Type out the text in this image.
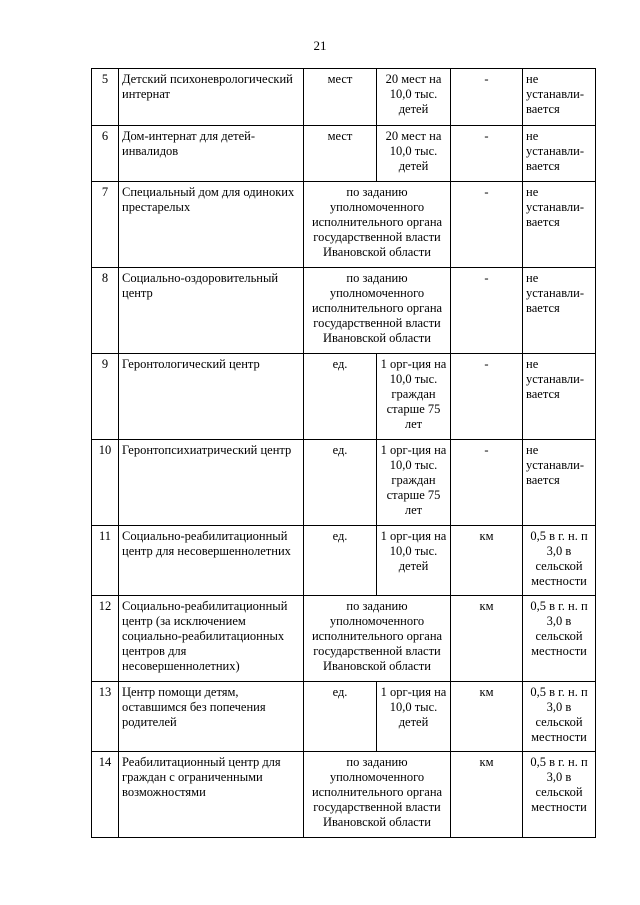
21
5	Детский психоневрологический интернат	мест	20 мест на 10,0 тыс. детей	-	не устанавли-вается
6	Дом-интернат для детей-инвалидов	мест	20 мест на 10,0 тыс. детей	-	не устанавли-вается
7	Специальный дом для одиноких престарелых	по заданию уполномоченного исполнительного органа государственной власти Ивановской области		-	не устанавли-вается
8	Социально-оздоровительный центр	по заданию уполномоченного исполнительного органа государственной власти Ивановской области		-	не устанавли-вается
9	Геронтологический центр	ед.	1 орг-ция на 10,0 тыс. граждан старше 75 лет	-	не устанавли-вается
10	Геронтопсихиатрический центр	ед.	1 орг-ция на 10,0 тыс. граждан старше 75 лет	-	не устанавли-вается
11	Социально-реабилитационный центр для несовершеннолетних	ед.	1 орг-ция на 10,0 тыс. детей	км	0,5 в г. н. п 3,0 в сельской местности
12	Социально-реабилитационный центр (за исключением социально-реабилитационных центров для несовершеннолетних)	по заданию уполномоченного исполнительного органа государственной власти Ивановской области		км	0,5 в г. н. п 3,0 в сельской местности
13	Центр помощи детям, оставшимся без попечения родителей	ед.	1 орг-ция на 10,0 тыс. детей	км	0,5 в г. н. п 3,0 в сельской местности
14	Реабилитационный центр для граждан с ограниченными возможностями	по заданию уполномоченного исполнительного органа государственной власти Ивановской области		км	0,5 в г. н. п 3,0 в сельской местности
